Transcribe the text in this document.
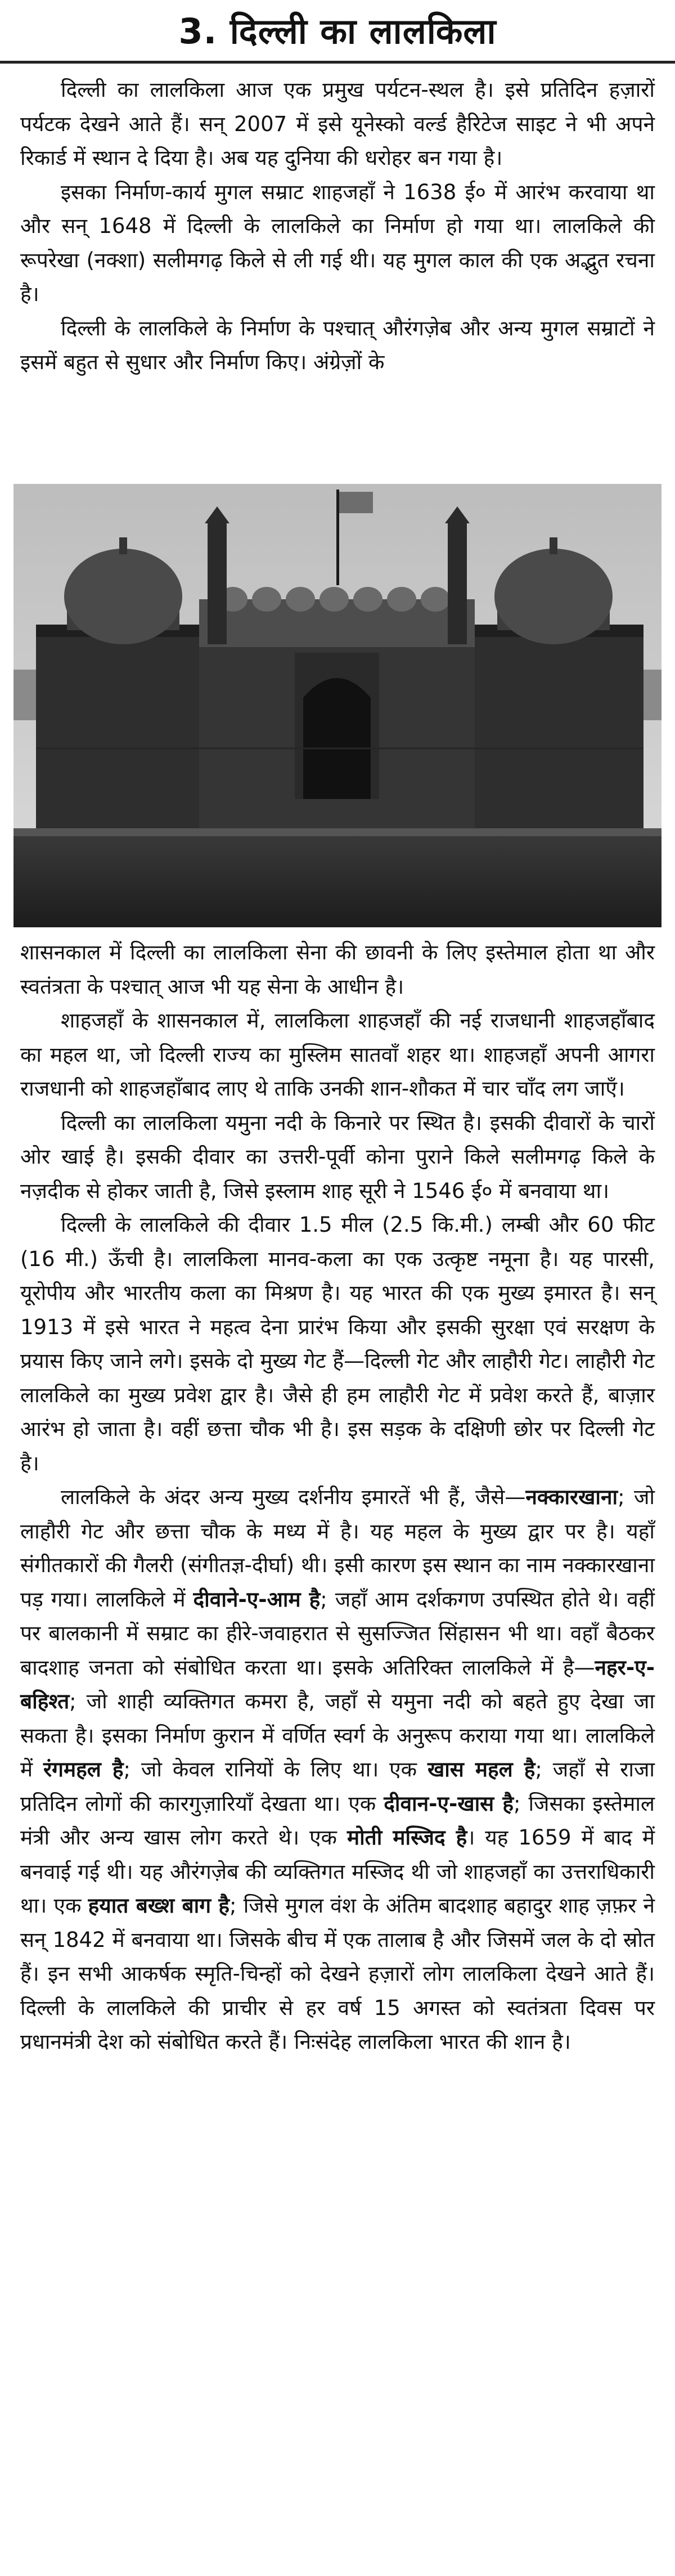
3. दिल्ली का लालकिला

दिल्ली का लालकिला आज एक प्रमुख पर्यटन-स्थल है। इसे प्रतिदिन हज़ारों पर्यटक देखने आते हैं। सन् 2007 में इसे यूनेस्को वर्ल्ड हैरिटेज साइट ने भी अपने रिकार्ड में स्थान दे दिया है। अब यह दुनिया की धरोहर बन गया है।

इसका निर्माण-कार्य मुगल सम्राट शाहजहाँ ने 1638 ई० में आरंभ करवाया था और सन् 1648 में दिल्ली के लालकिले का निर्माण हो गया था। लालकिले की रूपरेखा (नक्शा) सलीमगढ़ किले से ली गई थी। यह मुगल काल की एक अद्भुत रचना है।

दिल्ली के लालकिले के निर्माण के पश्चात् औरंगज़ेब और अन्य मुगल सम्राटों ने इसमें बहुत से सुधार और निर्माण किए। अंग्रेज़ों के

शासनकाल में दिल्ली का लालकिला सेना की छावनी के लिए इस्तेमाल होता था और स्वतंत्रता के पश्चात् आज भी यह सेना के आधीन है।

शाहजहाँ के शासनकाल में, लालकिला शाहजहाँ की नई राजधानी शाहजहाँबाद का महल था, जो दिल्ली राज्य का मुस्लिम सातवाँ शहर था। शाहजहाँ अपनी आगरा राजधानी को शाहजहाँबाद लाए थे ताकि उनकी शान-शौकत में चार चाँद लग जाएँ।

दिल्ली का लालकिला यमुना नदी के किनारे पर स्थित है। इसकी दीवारों के चारों ओर खाई है। इसकी दीवार का उत्तरी-पूर्वी कोना पुराने किले सलीमगढ़ किले के नज़दीक से होकर जाती है, जिसे इस्लाम शाह सूरी ने 1546 ई० में बनवाया था।

दिल्ली के लालकिले की दीवार 1.5 मील (2.5 कि.मी.) लम्बी और 60 फीट (16 मी.) ऊँची है। लालकिला मानव-कला का एक उत्कृष्ट नमूना है। यह पारसी, यूरोपीय और भारतीय कला का मिश्रण है। यह भारत की एक मुख्य इमारत है। सन् 1913 में इसे भारत ने महत्व देना प्रारंभ किया और इसकी सुरक्षा एवं सरक्षण के प्रयास किए जाने लगे। इसके दो मुख्य गेट हैं—दिल्ली गेट और लाहौरी गेट। लाहौरी गेट लालकिले का मुख्य प्रवेश द्वार है। जैसे ही हम लाहौरी गेट में प्रवेश करते हैं, बाज़ार आरंभ हो जाता है। वहीं छत्ता चौक भी है। इस सड़क के दक्षिणी छोर पर दिल्ली गेट है।

लालकिले के अंदर अन्य मुख्य दर्शनीय इमारतें भी हैं, जैसे—नक्कारखाना; जो लाहौरी गेट और छत्ता चौक के मध्य में है। यह महल के मुख्य द्वार पर है। यहाँ संगीतकारों की गैलरी (संगीतज्ञ-दीर्घा) थी। इसी कारण इस स्थान का नाम नक्कारखाना पड़ गया। लालकिले में दीवाने-ए-आम है; जहाँ आम दर्शकगण उपस्थित होते थे। वहीं पर बालकानी में सम्राट का हीरे-जवाहरात से सुसज्जित सिंहासन भी था। वहाँ बैठकर बादशाह जनता को संबोधित करता था। इसके अतिरिक्त लालकिले में है—नहर-ए-बहिश्त; जो शाही व्यक्तिगत कमरा है, जहाँ से यमुना नदी को बहते हुए देखा जा सकता है। इसका निर्माण कुरान में वर्णित स्वर्ग के अनुरूप कराया गया था। लालकिले में रंगमहल है; जो केवल रानियों के लिए था। एक खास महल है; जहाँ से राजा प्रतिदिन लोगों की कारगुज़ारियाँ देखता था। एक दीवान-ए-खास है; जिसका इस्तेमाल मंत्री और अन्य खास लोग करते थे। एक मोती मस्जिद है। यह 1659 में बाद में बनवाई गई थी। यह औरंगज़ेब की व्यक्तिगत मस्जिद थी जो शाहजहाँ का उत्तराधिकारी था। एक हयात बख्श बाग है; जिसे मुगल वंश के अंतिम बादशाह बहादुर शाह ज़फ़र ने सन् 1842 में बनवाया था। जिसके बीच में एक तालाब है और जिसमें जल के दो स्रोत हैं। इन सभी आकर्षक स्मृति-चिन्हों को देखने हज़ारों लोग लालकिला देखने आते हैं। दिल्ली के लालकिले की प्राचीर से हर वर्ष 15 अगस्त को स्वतंत्रता दिवस पर प्रधानमंत्री देश को संबोधित करते हैं। निःसंदेह लालकिला भारत की शान है।
